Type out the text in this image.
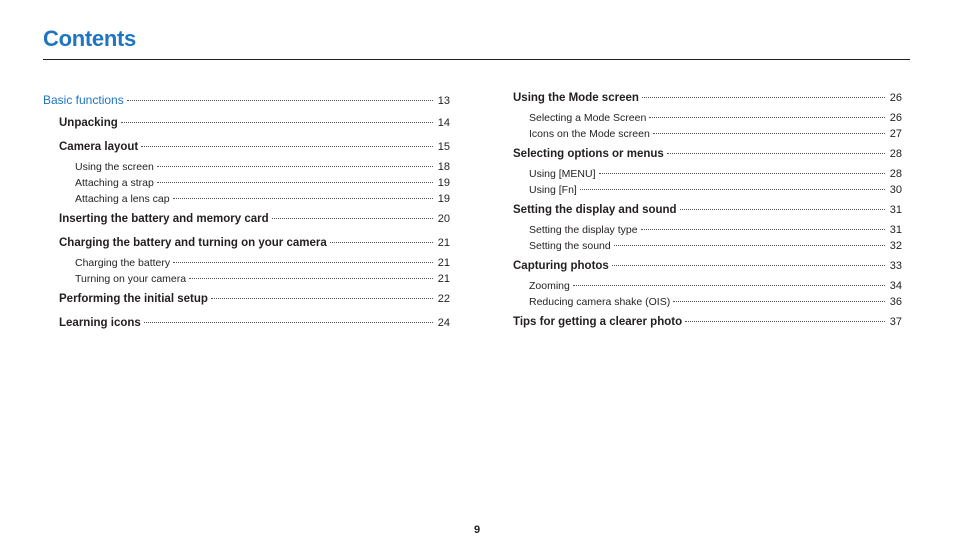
Contents
Basic functions	13
Unpacking	14
Camera layout	15
Using the screen	18
Attaching a strap	19
Attaching a lens cap	19
Inserting the battery and memory card	20
Charging the battery and turning on your camera	21
Charging the battery	21
Turning on your camera	21
Performing the initial setup	22
Learning icons	24
Using the Mode screen	26
Selecting a Mode Screen	26
Icons on the Mode screen	27
Selecting options or menus	28
Using [MENU]	28
Using [Fn]	30
Setting the display and sound	31
Setting the display type	31
Setting the sound	32
Capturing photos	33
Zooming	34
Reducing camera shake (OIS)	36
Tips for getting a clearer photo	37
9
